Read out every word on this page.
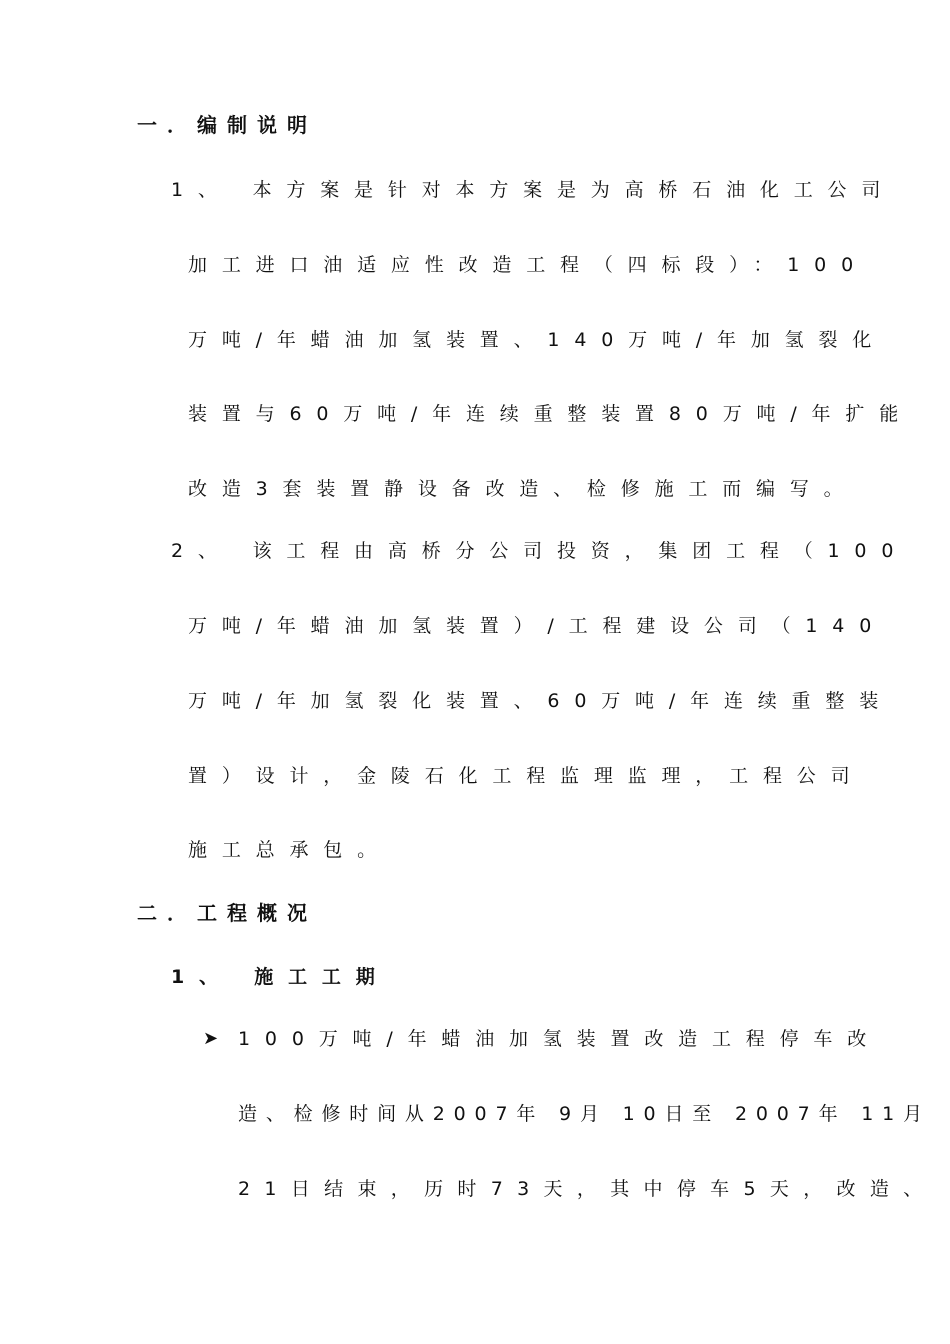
一．编制说明
1、 本方案是针对本方案是为高桥石油化工公司
加工进口油适应性改造工程（四标段）：100
万吨/年蜡油加氢装置、140万吨/年加氢裂化
装置与60万吨/年连续重整装置80万吨/年扩能
改造3套装置静设备改造、检修施工而编写。
2、 该工程由高桥分公司投资，集团工程（100
万吨/年蜡油加氢装置）/工程建设公司（140
万吨/年加氢裂化装置、60万吨/年连续重整装
置）设计，金陵石化工程监理监理，工程公司
施工总承包。
二．工程概况
1、 施工工期
➤ 100万吨/年蜡油加氢装置改造工程停车改
造、检修时间从2007年 9月 10日至 2007年 11月
21日结束，历时73天，其中停车5天，改造、
